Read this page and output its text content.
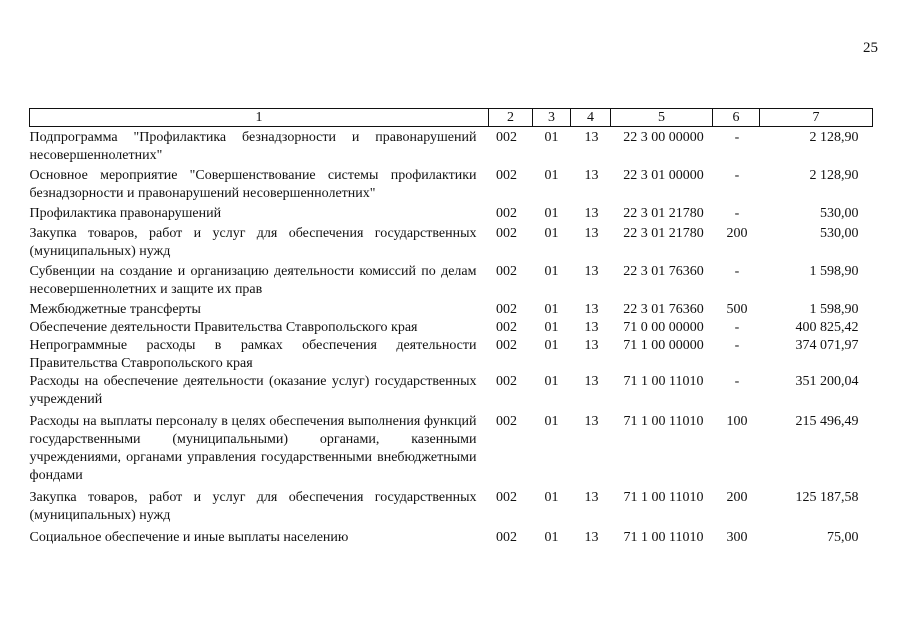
25
1	2	3	4	5	6	7
Подпрограмма "Профилактика безнадзорности и правонарушений несовершеннолетних"	002	01	13	22 3 00 00000	-	2 128,90
Основное мероприятие "Совершенствование системы профилактики безнадзорности и правонарушений несовершеннолетних"	002	01	13	22 3 01 00000	-	2 128,90
Профилактика правонарушений	002	01	13	22 3 01 21780	-	530,00
Закупка товаров, работ и услуг для обеспечения государственных (муниципальных) нужд	002	01	13	22 3 01 21780	200	530,00
Субвенции на создание и организацию деятельности комиссий по делам несовершеннолетних и защите их прав	002	01	13	22 3 01 76360	-	1 598,90
Межбюджетные трансферты	002	01	13	22 3 01 76360	500	1 598,90
Обеспечение деятельности Правительства Ставропольского края	002	01	13	71 0 00 00000	-	400 825,42
Непрограммные расходы в рамках обеспечения деятельности Правительства Ставропольского края	002	01	13	71 1 00 00000	-	374 071,97
Расходы на обеспечение деятельности (оказание услуг) государственных учреждений	002	01	13	71 1 00 11010	-	351 200,04
Расходы на выплаты персоналу в целях обеспечения выполнения функций государственными (муниципальными) органами, казенными учреждениями, органами управления государственными внебюджетными фондами	002	01	13	71 1 00 11010	100	215 496,49
Закупка товаров, работ и услуг для обеспечения государственных (муниципальных) нужд	002	01	13	71 1 00 11010	200	125 187,58
Социальное обеспечение и иные выплаты населению	002	01	13	71 1 00 11010	300	75,00
